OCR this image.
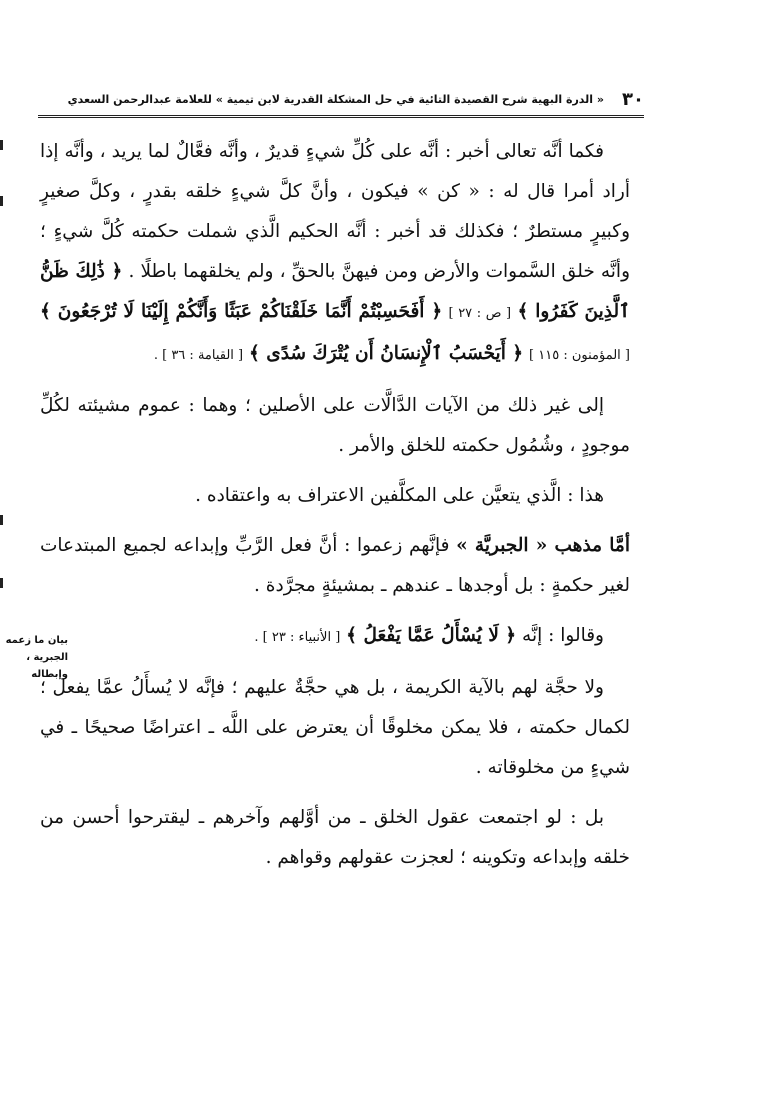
٣٠
« الدرة البهية شرح القصيدة التائية في حل المشكلة القدرية لابن تيمية » للعلامة عبدالرحمن السعدي
بيان ما زعمه الجبرية ، وإبطاله

فكما أنَّه تعالى أخبر : أنَّه على كُلِّ شيءٍ قديرٌ ، وأنَّه فعَّالٌ لما يريد ، وأنَّه إذا أراد أمرا قال له : « كن » فيكون ، وأنَّ كلَّ شيءٍ خلقه بقدرٍ ، وكلَّ صغيرٍ وكبيرٍ مستطرٌ ؛ فكذلك قد أخبر : أنَّه الحكيم الَّذي شملت حكمته كُلَّ شيءٍ ؛ وأنَّه خلق السَّموات والأرض ومن فيهنَّ بالحقِّ ، ولم يخلقهما باطلًا . ﴿ ذَٰلِكَ ظَنُّ ٱلَّذِينَ كَفَرُوا ﴾ [ ص : ٢٧ ] ﴿ أَفَحَسِبْتُمْ أَنَّمَا خَلَقْنَاكُمْ عَبَثًا وَأَنَّكُمْ إِلَيْنَا لَا تُرْجَعُونَ ﴾ [ المؤمنون : ١١٥ ] ﴿ أَيَحْسَبُ ٱلْإِنسَانُ أَن يُتْرَكَ سُدًى ﴾ [ القيامة : ٣٦ ] .

إلى غير ذلك من الآيات الدَّالَّات على الأصلين ؛ وهما : عموم مشيئته لكُلِّ موجودٍ ، وشُمُول حكمته للخلق والأمر .

هذا : الَّذي يتعيَّن على المكلَّفين الاعتراف به واعتقاده .

أمَّا مذهب « الجبريَّة » فإنَّهم زعموا : أنَّ فعل الرَّبِّ وإبداعه لجميع المبتدعات لغير حكمةٍ : بل أوجدها ـ عندهم ـ بمشيئةٍ مجرَّدة .

وقالوا : إنَّه ﴿ لَا يُسْأَلُ عَمَّا يَفْعَلُ ﴾ [ الأنبياء : ٢٣ ] .

ولا حجَّة لهم بالآية الكريمة ، بل هي حجَّةٌ عليهم ؛ فإنَّه لا يُسأَلُ عمَّا يفعل ؛ لكمال حكمته ، فلا يمكن مخلوقًا أن يعترض على اللَّه ـ اعتراضًا صحيحًا ـ في شيءٍ من مخلوقاته .

بل : لو اجتمعت عقول الخلق ـ من أوَّلهم وآخرهم ـ ليقترحوا أحسن من خلقه وإبداعه وتكوينه ؛ لعجزت عقولهم وقواهم .
